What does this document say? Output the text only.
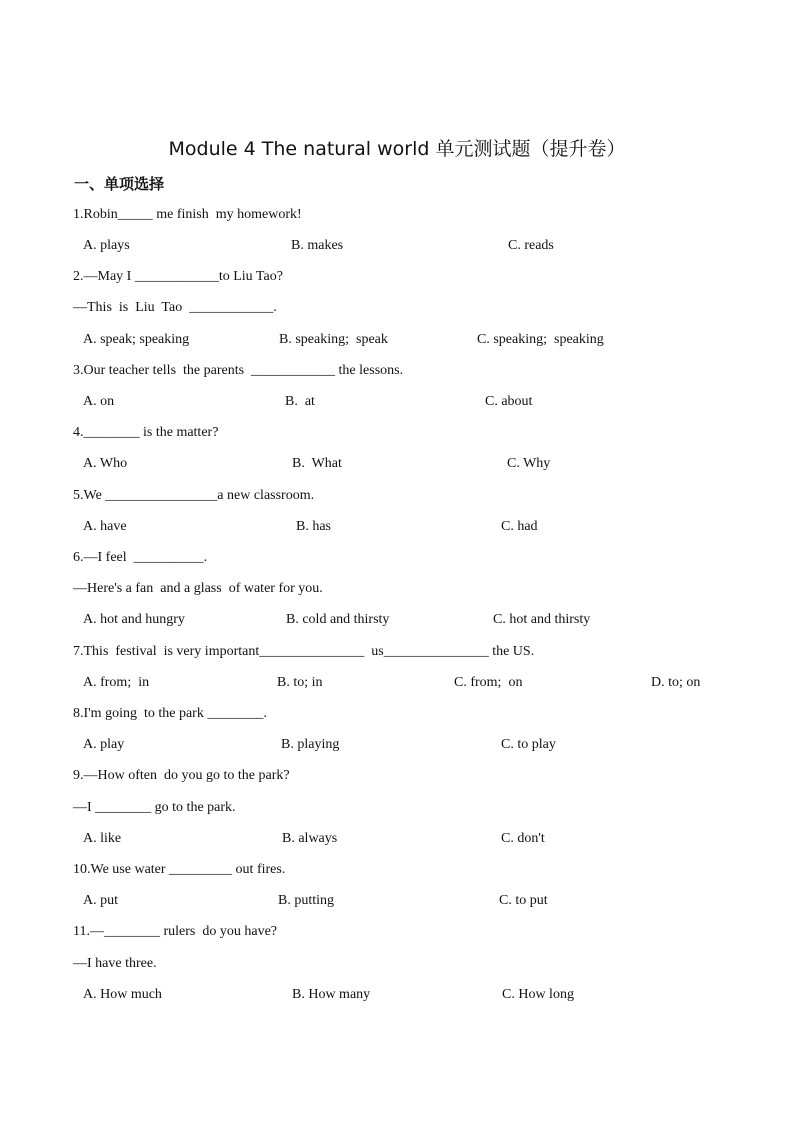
Module 4 The natural world 单元测试题（提升卷）
一、单项选择
1.Robin_____ me finish  my homework!
A. plays	B. makes	C. reads
2.—May I ____________to Liu Tao?
—This  is  Liu  Tao  ____________.
A. speak; speaking	B. speaking;  speak	C. speaking;  speaking
3.Our teacher tells  the parents  ____________ the lessons.
A. on	B.  at	C. about
4.________ is the matter?
A. Who	B.  What	C. Why
5.We ________________a new classroom.
A. have	B. has	C. had
6.—I feel  __________.
—Here's a fan  and a glass  of water for you.
A. hot and hungry	B. cold and thirsty	C. hot and thirsty
7.This  festival  is very important_______________  us_______________ the US.
A. from;  in	B. to; in	C. from;  on	D. to; on
8.I'm going  to the park ________.
A. play	B. playing	C. to play
9.—How often  do you go to the park?
—I ________ go to the park.
A. like	B. always	C. don't
10.We use water _________ out fires.
A. put	B. putting	C. to put
11.—________ rulers  do you have?
—I have three.
A. How much	B. How many	C. How long
